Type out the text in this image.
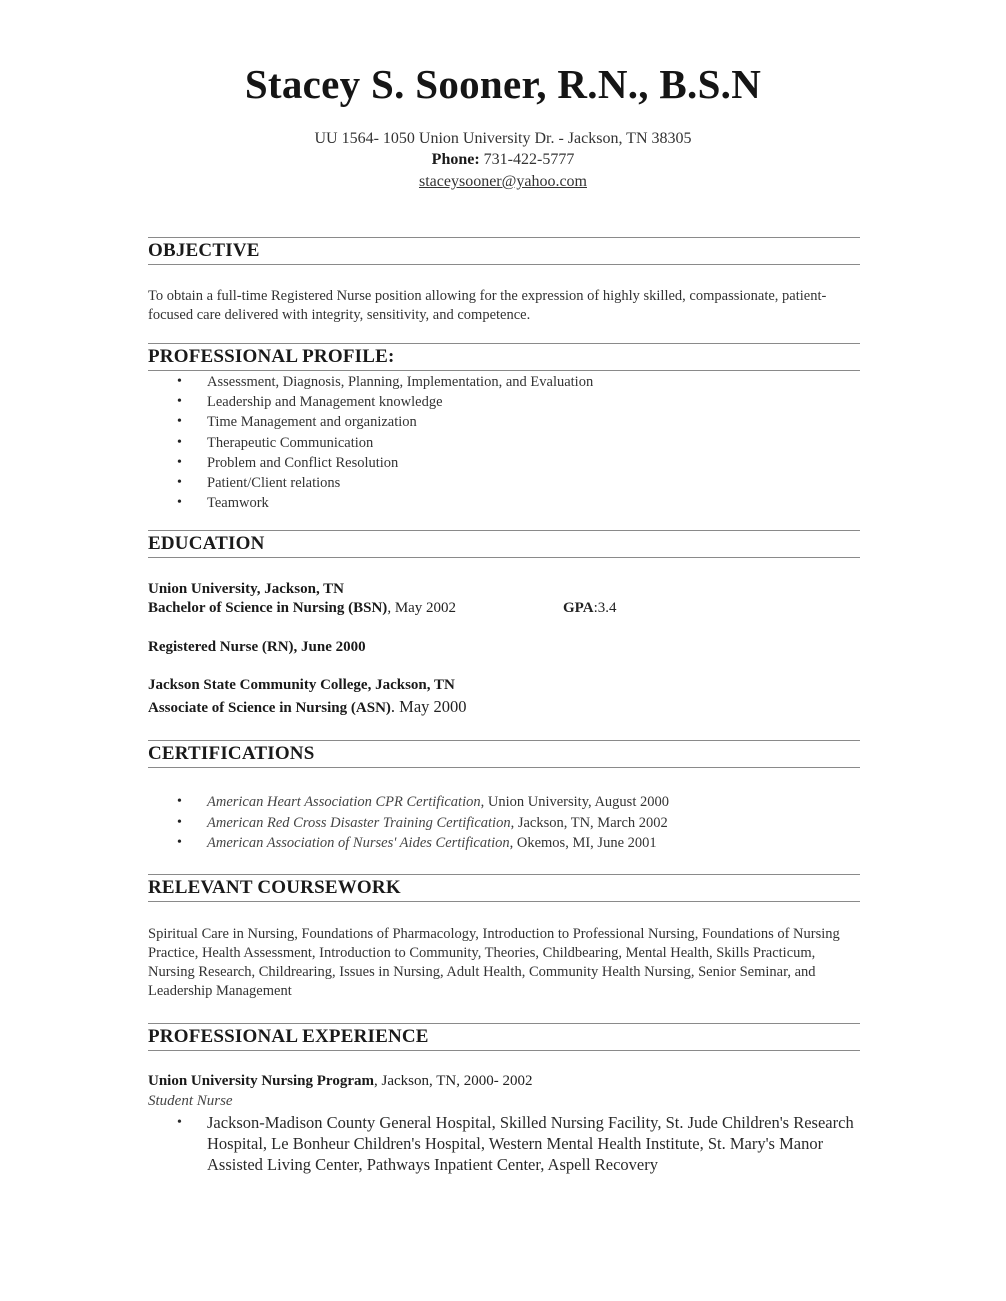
Stacey S. Sooner, R.N., B.S.N
UU 1564- 1050 Union University Dr. - Jackson, TN 38305
Phone: 731-422-5777
staceysooner@yahoo.com
OBJECTIVE
To obtain a full-time Registered Nurse position allowing for the expression of highly skilled, compassionate, patient-focused care delivered with integrity, sensitivity, and competence.
PROFESSIONAL PROFILE:
• Assessment, Diagnosis, Planning, Implementation, and Evaluation
• Leadership and Management knowledge
• Time Management and organization
• Therapeutic Communication
• Problem and Conflict Resolution
• Patient/Client relations
• Teamwork
EDUCATION
Union University, Jackson, TN
Bachelor of Science in Nursing (BSN), May 2002	GPA:3.4
Registered Nurse (RN), June 2000
Jackson State Community College, Jackson, TN
Associate of Science in Nursing (ASN). May 2000
CERTIFICATIONS
• American Heart Association CPR Certification, Union University, August 2000
• American Red Cross Disaster Training Certification, Jackson, TN, March 2002
• American Association of Nurses' Aides Certification, Okemos, MI, June 2001
RELEVANT COURSEWORK
Spiritual Care in Nursing, Foundations of Pharmacology, Introduction to Professional Nursing, Foundations of Nursing Practice, Health Assessment, Introduction to Community, Theories, Childbearing, Mental Health, Skills Practicum, Nursing Research, Childrearing, Issues in Nursing, Adult Health, Community Health Nursing, Senior Seminar, and Leadership Management
PROFESSIONAL EXPERIENCE
Union University Nursing Program, Jackson, TN, 2000- 2002
Student Nurse
• Jackson-Madison County General Hospital, Skilled Nursing Facility, St. Jude Children's Research Hospital, Le Bonheur Children's Hospital, Western Mental Health Institute, St. Mary's Manor Assisted Living Center, Pathways Inpatient Center, Aspell Recovery
